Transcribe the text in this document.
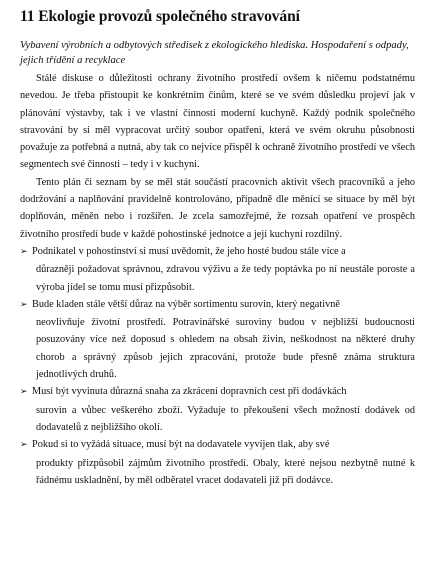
11 Ekologie provozů společného stravování
Vybavení výrobních a odbytových středisek z ekologického hlediska. Hospodaření s odpady, jejich třídění a recyklace

Stálé diskuse o důležitosti ochrany životního prostředí ovšem k ničemu podstatnému nevedou. Je třeba přistoupit ke konkrétním činům, které se ve svém důsledku projeví jak v plánování výstavby, tak i ve vlastní činnosti moderní kuchyně. Každý podnik společného stravování by si měl vypracovat určitý soubor opatření, která ve svém okruhu působnosti považuje za potřebná a nutná, aby tak co nejvíce přispěl k ochraně životního prostředí ve všech segmentech své činnosti – tedy i v kuchyni.

Tento plán či seznam by se měl stát součástí pracovních aktivit všech pracovníků a jeho dodržování a naplňování pravidelně kontrolováno, případně dle měnící se situace by měl být doplňován, měněn nebo i rozšířen. Je zcela samozřejmé, že rozsah opatření ve prospěch životního prostředí bude v každé pohostinské jednotce a její kuchyni rozdílný.

➢ Podnikatel v pohostinství si musí uvědomit, že jeho hosté budou stále více a
důrazněji požadovat správnou, zdravou výživu a že tedy poptávka po ní neustále poroste a výroba jídel se tomu musí přizpůsobit.
➢ Bude kladen stále větší důraz na výběr sortimentu surovin, který negativně
neovlivňuje životní prostředí. Potravinářské suroviny budou v nejbližší budoucnosti posuzovány více než doposud s ohledem na obsah živin, neškodnost na některé druhy chorob a správný způsob jejich zpracování, protože bude přesně známa struktura jednotlivých druhů.
➢ Musí být vyvinuta důrazná snaha za zkrácení dopravních cest při dodávkách
surovin a vůbec veškerého zboží. Vyžaduje to překoušení všech možností dodávek od dodavatelů z nejbližšího okolí.
➢ Pokud si to vyžádá situace, musí být na dodavatele vyvíjen tlak, aby své
produkty přizpůsobil zájmům životního prostředí. Obaly, které nejsou nezbytně nutné k řádnému uskladnění, by měl odběratel vracet dodavateli již při dodávce.
